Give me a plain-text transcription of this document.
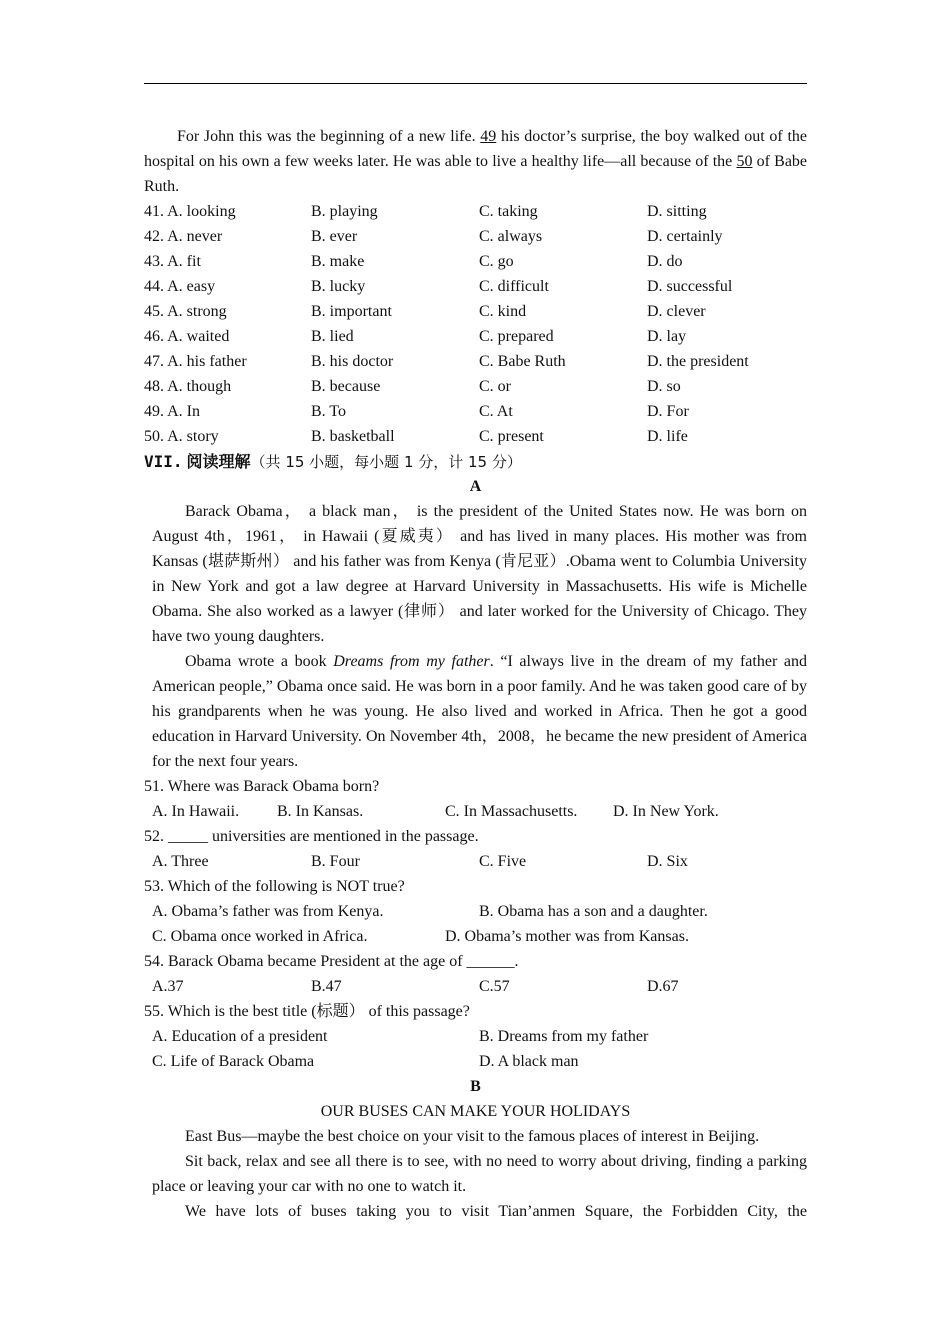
For John this was the beginning of a new life. 49 his doctor’s surprise, the boy walked out of the hospital on his own a few weeks later. He was able to live a healthy life—all because of the 50 of Babe Ruth.
41. A. looking	B. playing	C. taking	D. sitting
42. A. never	B. ever	C. always	D. certainly
43. A. fit	B. make	C. go	D. do
44. A. easy	B. lucky	C. difficult	D. successful
45. A. strong	B. important	C. kind	D. clever
46. A. waited	B. lied	C. prepared	D. lay
47. A. his father	B. his doctor	C. Babe Ruth	D. the president
48. A. though	B. because	C. or	D. so
49. A. In	B. To	C. At	D. For
50. A. story	B. basketball	C. present	D. life
VII. 阅读理解（共 15 小题，每小题 1 分，计 15 分）
A
Barack Obama， a black man， is the president of the United States now. He was born on August 4th，1961， in Hawaii (夏威夷） and has lived in many places. His mother was from Kansas (堪萨斯州） and his father was from Kenya (肯尼亚）.Obama went to Columbia University in New York and got a law degree at Harvard University in Massachusetts. His wife is Michelle Obama. She also worked as a lawyer (律师） and later worked for the University of Chicago. They have two young daughters.
Obama wrote a book Dreams from my father. “I always live in the dream of my father and American people,” Obama once said. He was born in a poor family. And he was taken good care of by his grandparents when he was young. He also lived and worked in Africa. Then he got a good education in Harvard University. On November 4th，2008，he became the new president of America for the next four years.
51. Where was Barack Obama born?
A. In Hawaii.	B. In Kansas.	C. In Massachusetts.	D. In New York.
52. _____ universities are mentioned in the passage.
A. Three	B. Four	C. Five	D. Six
53. Which of the following is NOT true?
A. Obama’s father was from Kenya.	B. Obama has a son and a daughter.
C. Obama once worked in Africa.	D. Obama’s mother was from Kansas.
54. Barack Obama became President at the age of ______.
A.37	B.47	C.57	D.67
55. Which is the best title (标题） of this passage?
A. Education of a president	B. Dreams from my father
C. Life of Barack Obama	D. A black man
B
OUR BUSES CAN MAKE YOUR HOLIDAYS
East Bus—maybe the best choice on your visit to the famous places of interest in Beijing.
Sit back, relax and see all there is to see, with no need to worry about driving, finding a parking place or leaving your car with no one to watch it.
We have lots of buses taking you to visit Tian’anmen Square, the Forbidden City, the
